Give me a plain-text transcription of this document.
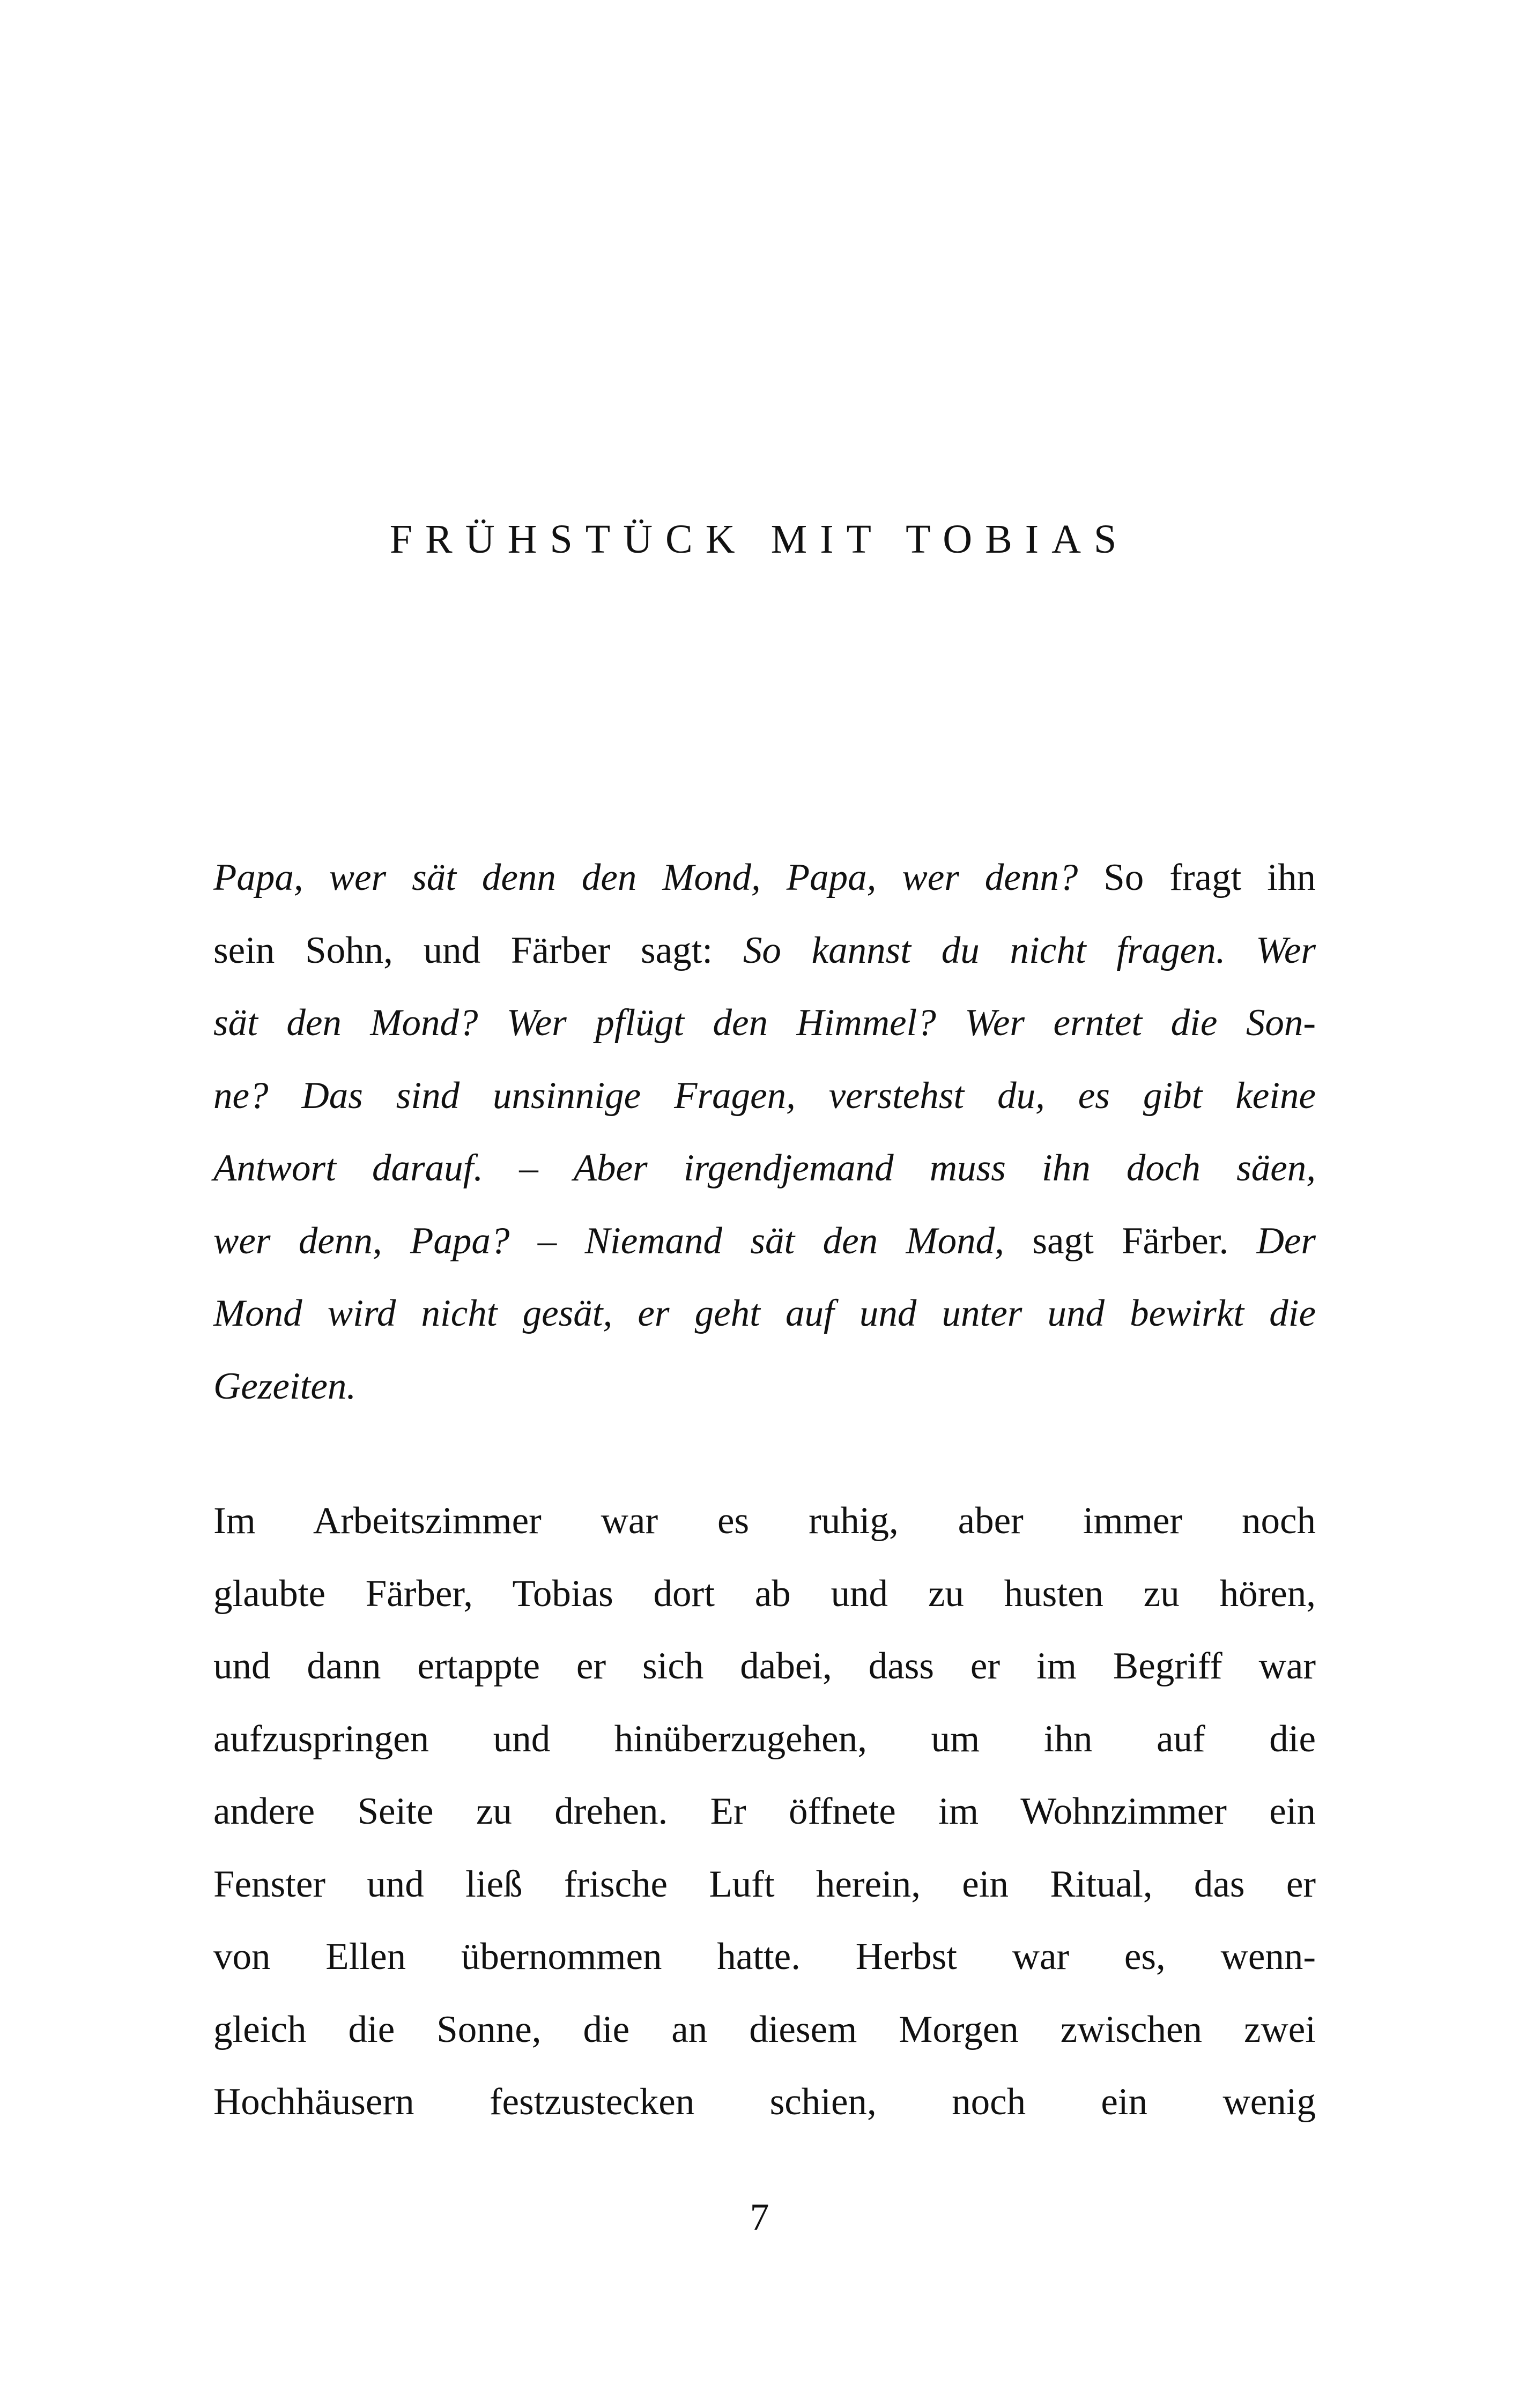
FRÜHSTÜCK MIT TOBIAS
Papa, wer sät denn den Mond, Papa, wer denn? So fragt ihn
sein Sohn, und Färber sagt: So kannst du nicht fragen. Wer
sät den Mond? Wer pflügt den Himmel? Wer erntet die Son-
ne? Das sind unsinnige Fragen, verstehst du, es gibt keine
Antwort darauf. – Aber irgendjemand muss ihn doch säen,
wer denn, Papa? – Niemand sät den Mond, sagt Färber. Der
Mond wird nicht gesät, er geht auf und unter und bewirkt die
Gezeiten.
Im Arbeitszimmer war es ruhig, aber immer noch
glaubte Färber, Tobias dort ab und zu husten zu hören,
und dann ertappte er sich dabei, dass er im Begriff war
aufzuspringen und hinüberzugehen, um ihn auf die
andere Seite zu drehen. Er öffnete im Wohnzimmer ein
Fenster und ließ frische Luft herein, ein Ritual, das er
von Ellen übernommen hatte. Herbst war es, wenn-
gleich die Sonne, die an diesem Morgen zwischen zwei
Hochhäusern festzustecken schien, noch ein wenig
7
